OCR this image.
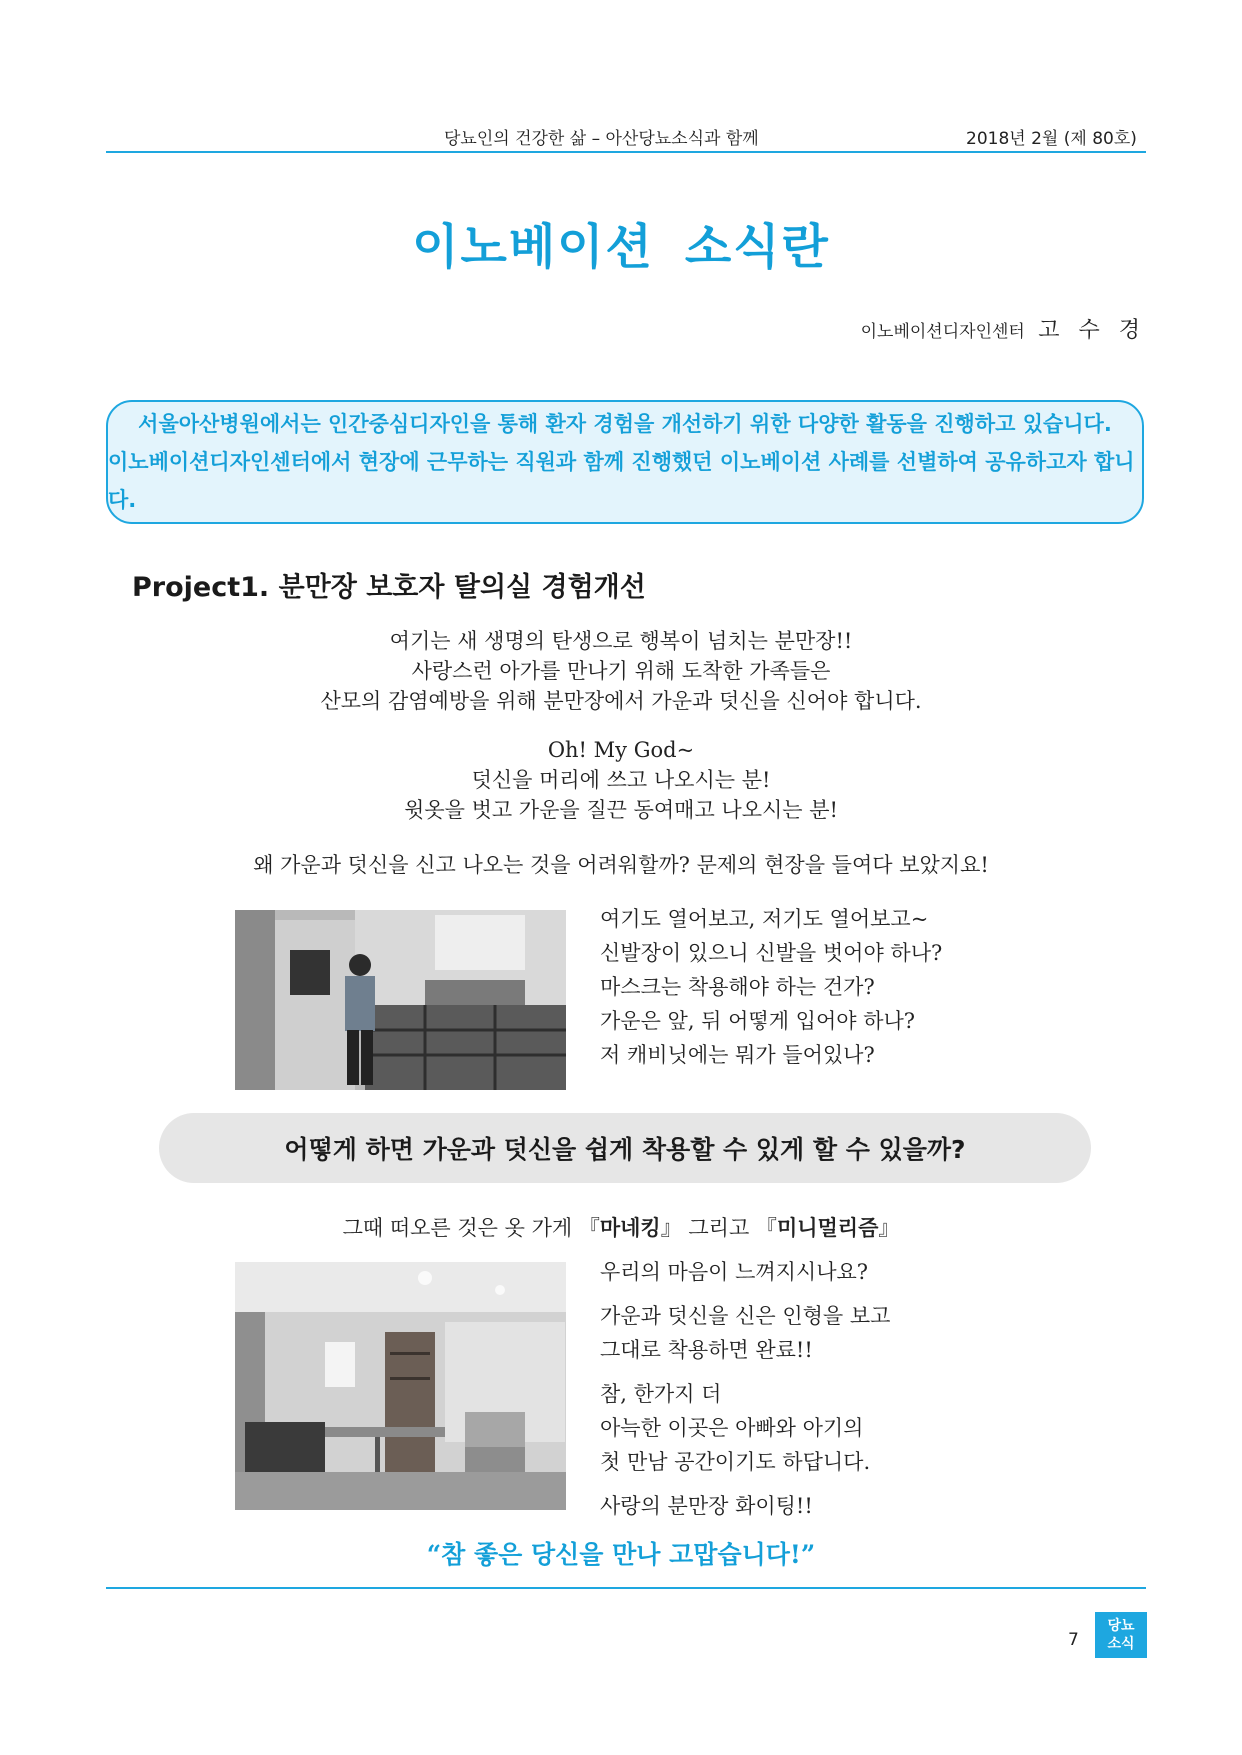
당뇨인의 건강한 삶 – 아산당뇨소식과 함께	2018년 2월 (제 80호)
이노베이션 소식란
이노베이션디자인센터 고 수 경
서울아산병원에서는 인간중심디자인을 통해 환자 경험을 개선하기 위한 다양한 활동을 진행하고 있습니다.
이노베이션디자인센터에서 현장에 근무하는 직원과 함께 진행했던 이노베이션 사례를 선별하여 공유하고자 합니다.
Project1. 분만장 보호자 탈의실 경험개선
여기는 새 생명의 탄생으로 행복이 넘치는 분만장!!
사랑스런 아가를 만나기 위해 도착한 가족들은
산모의 감염예방을 위해 분만장에서 가운과 덧신을 신어야 합니다.
Oh! My God~
덧신을 머리에 쓰고 나오시는 분!
윗옷을 벗고 가운을 질끈 동여매고 나오시는 분!
왜 가운과 덧신을 신고 나오는 것을 어려워할까? 문제의 현장을 들여다 보았지요!
여기도 열어보고, 저기도 열어보고~
신발장이 있으니 신발을 벗어야 하나?
마스크는 착용해야 하는 건가?
가운은 앞, 뒤 어떻게 입어야 하나?
저 캐비닛에는 뭐가 들어있나?
어떻게 하면 가운과 덧신을 쉽게 착용할 수 있게 할 수 있을까?
그때 떠오른 것은 옷 가게 『마네킹』 그리고 『미니멀리즘』
우리의 마음이 느껴지시나요?
가운과 덧신을 신은 인형을 보고
그대로 착용하면 완료!!
참, 한가지 더
아늑한 이곳은 아빠와 아기의
첫 만남 공간이기도 하답니다.
사랑의 분만장 화이팅!!
“참 좋은 당신을 만나 고맙습니다!”
7
당뇨
소식
